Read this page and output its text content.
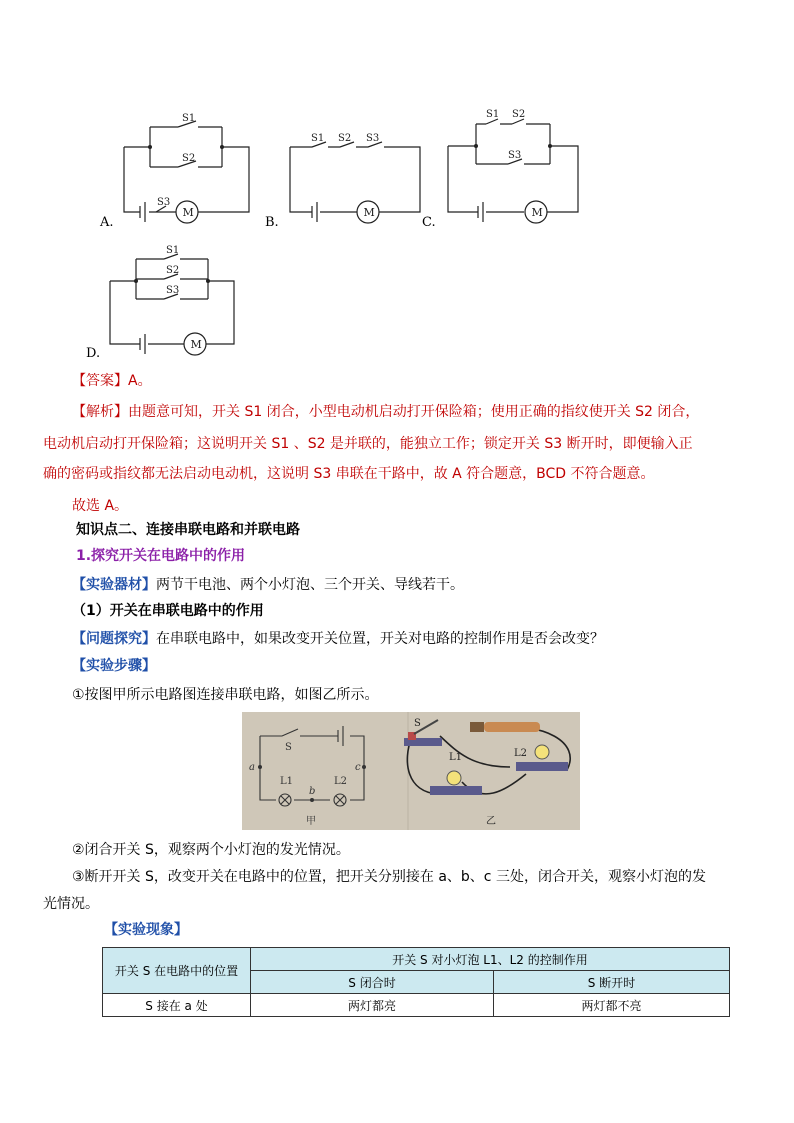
S1
S2
S3
M
S1 S2 S3
M
S1 S2
S3
M
S1
S2
S3
M
A.	B.	C.
D.
【答案】A。
【解析】由题意可知，开关 S1 闭合，小型电动机启动打开保险箱；使用正确的指纹使开关 S2 闭合，
电动机启动打开保险箱；这说明开关 S1 、S2 是并联的，能独立工作；锁定开关 S3 断开时，即便输入正
确的密码或指纹都无法启动电动机，这说明 S3 串联在干路中，故 A 符合题意，BCD 不符合题意。
故选 A。
知识点二、连接串联电路和并联电路
1.探究开关在电路中的作用
【实验器材】两节干电池、两个小灯泡、三个开关、导线若干。
（1）开关在串联电路中的作用
【问题探究】在串联电路中，如果改变开关位置，开关对电路的控制作用是否会改变？
【实验步骤】
①按图甲所示电路图连接串联电路，如图乙所示。
S
a
b
c
L1	L2
甲
S
L1	L2
乙
②闭合开关 S，观察两个小灯泡的发光情况。
③断开开关 S，改变开关在电路中的位置，把开关分别接在 a、b、c 三处，闭合开关，观察小灯泡的发
光情况。
【实验现象】
开关 S 在电路中的位置	开关 S 对小灯泡 L1、L2 的控制作用	
	S 闭合时	S 断开时
S 接在 a 处	两灯都亮	两灯都不亮
